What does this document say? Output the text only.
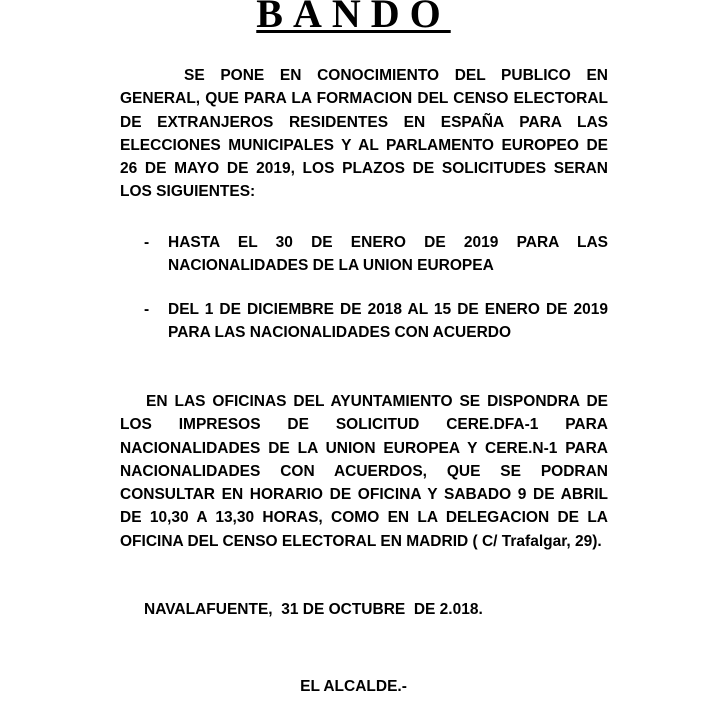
BANDO

SE PONE EN CONOCIMIENTO DEL PUBLICO EN GENERAL, QUE PARA LA FORMACION DEL CENSO ELECTORAL DE EXTRANJEROS RESIDENTES EN ESPAÑA PARA LAS ELECCIONES MUNICIPALES Y AL PARLAMENTO EUROPEO DE 26 DE MAYO DE 2019, LOS PLAZOS DE SOLICITUDES SERAN LOS SIGUIENTES:

- HASTA EL 30 DE ENERO DE 2019 PARA LAS NACIONALIDADES DE LA UNION EUROPEA
- DEL 1 DE DICIEMBRE DE 2018 AL 15 DE ENERO DE 2019 PARA LAS NACIONALIDADES CON ACUERDO

EN LAS OFICINAS DEL AYUNTAMIENTO SE DISPONDRA DE LOS IMPRESOS DE SOLICITUD CERE.DFA-1 PARA NACIONALIDADES DE LA UNION EUROPEA Y CERE.N-1 PARA NACIONALIDADES CON ACUERDOS, QUE SE PODRAN CONSULTAR EN HORARIO DE OFICINA Y SABADO 9 DE ABRIL DE 10,30 A 13,30 HORAS, COMO EN LA DELEGACION DE LA OFICINA DEL CENSO ELECTORAL EN MADRID ( C/ Trafalgar, 29).

NAVALAFUENTE,  31 DE OCTUBRE  DE 2.018.
EL ALCALDE.-
